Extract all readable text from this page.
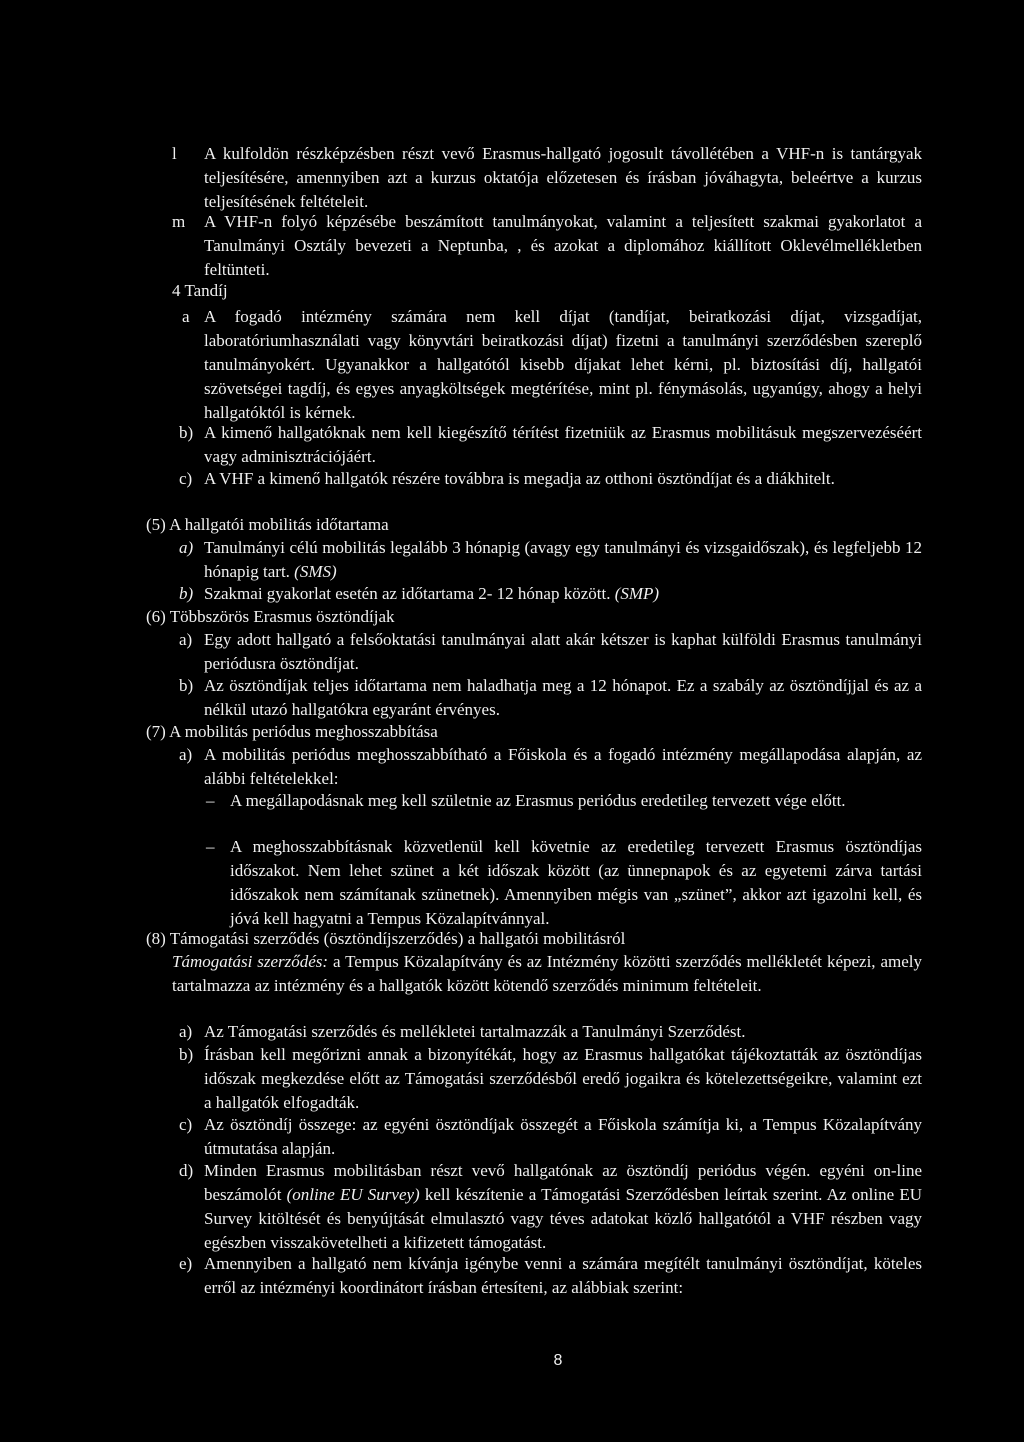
l A kulfoldön részképzésben részt vevő Erasmus-hallgató jogosult távollétében a VHF-n is tantárgyak teljesítésére, amennyiben azt a kurzus oktatója előzetesen és írásban jóváhagyta, beleértve a kurzus teljesítésének feltételeit.
m A VHF-n folyó képzésébe beszámított tanulmányokat, valamint a teljesített szakmai gyakorlatot a Tanulmányi Osztály bevezeti a Neptunba, , és azokat a diplomához kiállított Oklevélmellékletben feltünteti.
4 Tandíj
a A fogadó intézmény számára nem kell díjat (tandíjat, beiratkozási díjat, vizsgadíjat, laboratóriumhasználati vagy könyvtári beiratkozási díjat) fizetni a tanulmányi szerződésben szereplő tanulmányokért. Ugyanakkor a hallgatótól kisebb díjakat lehet kérni, pl. biztosítási díj, hallgatói szövetségei tagdíj, és egyes anyagköltségek megtérítése, mint pl. fénymásolás, ugyanúgy, ahogy a helyi hallgatóktól is kérnek.
b) A kimenő hallgatóknak nem kell kiegészítő térítést fizetniük az Erasmus mobilitásuk megszervezéséért vagy adminisztrációjáért.
c) A VHF a kimenő hallgatók részére továbbra is megadja az otthoni ösztöndíjat és a diákhitelt.
(5) A hallgatói mobilitás időtartama
a) Tanulmányi célú mobilitás legalább 3 hónapig (avagy egy tanulmányi és vizsgaidőszak), és legfeljebb 12 hónapig tart. (SMS)
b) Szakmai gyakorlat esetén az időtartama 2- 12 hónap között. (SMP)
(6) Többszörös Erasmus ösztöndíjak
a) Egy adott hallgató a felsőoktatási tanulmányai alatt akár kétszer is kaphat külföldi Erasmus tanulmányi periódusra ösztöndíjat.
b) Az ösztöndíjak teljes időtartama nem haladhatja meg a 12 hónapot. Ez a szabály az ösztöndíjjal és az a nélkül utazó hallgatókra egyaránt érvényes.
(7) A mobilitás periódus meghosszabbítása
a) A mobilitás periódus meghosszabbítható a Főiskola és a fogadó intézmény megállapodása alapján, az alábbi feltételekkel:
– A megállapodásnak meg kell születnie az Erasmus periódus eredetileg tervezett vége előtt.
– A meghosszabbításnak közvetlenül kell követnie az eredetileg tervezett Erasmus ösztöndíjas időszakot. Nem lehet szünet a két időszak között (az ünnepnapok és az egyetemi zárva tartási időszakok nem számítanak szünetnek). Amennyiben mégis van „szünet”, akkor azt igazolni kell, és jóvá kell hagyatni a Tempus Közalapítvánnyal.
(8) Támogatási szerződés (ösztöndíjszerződés) a hallgatói mobilitásról
Támogatási szerződés: a Tempus Közalapítvány és az Intézmény közötti szerződés mellékletét képezi, amely tartalmazza az intézmény és a hallgatók között kötendő szerződés minimum feltételeit.
a) Az Támogatási szerződés és mellékletei tartalmazzák a Tanulmányi Szerződést.
b) Írásban kell megőrizni annak a bizonyítékát, hogy az Erasmus hallgatókat tájékoztatták az ösztöndíjas időszak megkezdése előtt az Támogatási szerződésből eredő jogaikra és kötelezettségeikre, valamint ezt a hallgatók elfogadták.
c) Az ösztöndíj összege: az egyéni ösztöndíjak összegét a Főiskola számítja ki, a Tempus Közalapítvány útmutatása alapján.
d) Minden Erasmus mobilitásban részt vevő hallgatónak az ösztöndíj periódus végén. egyéni on-line beszámolót (online EU Survey) kell készítenie a Támogatási Szerződésben leírtak szerint. Az online EU Survey kitöltését és benyújtását elmulasztó vagy téves adatokat közlő hallgatótól a VHF részben vagy egészben visszakövetelheti a kifizetett támogatást.
e) Amennyiben a hallgató nem kívánja igénybe venni a számára megítélt tanulmányi ösztöndíjat, köteles erről az intézményi koordinátort írásban értesíteni, az alábbiak szerint:
8
